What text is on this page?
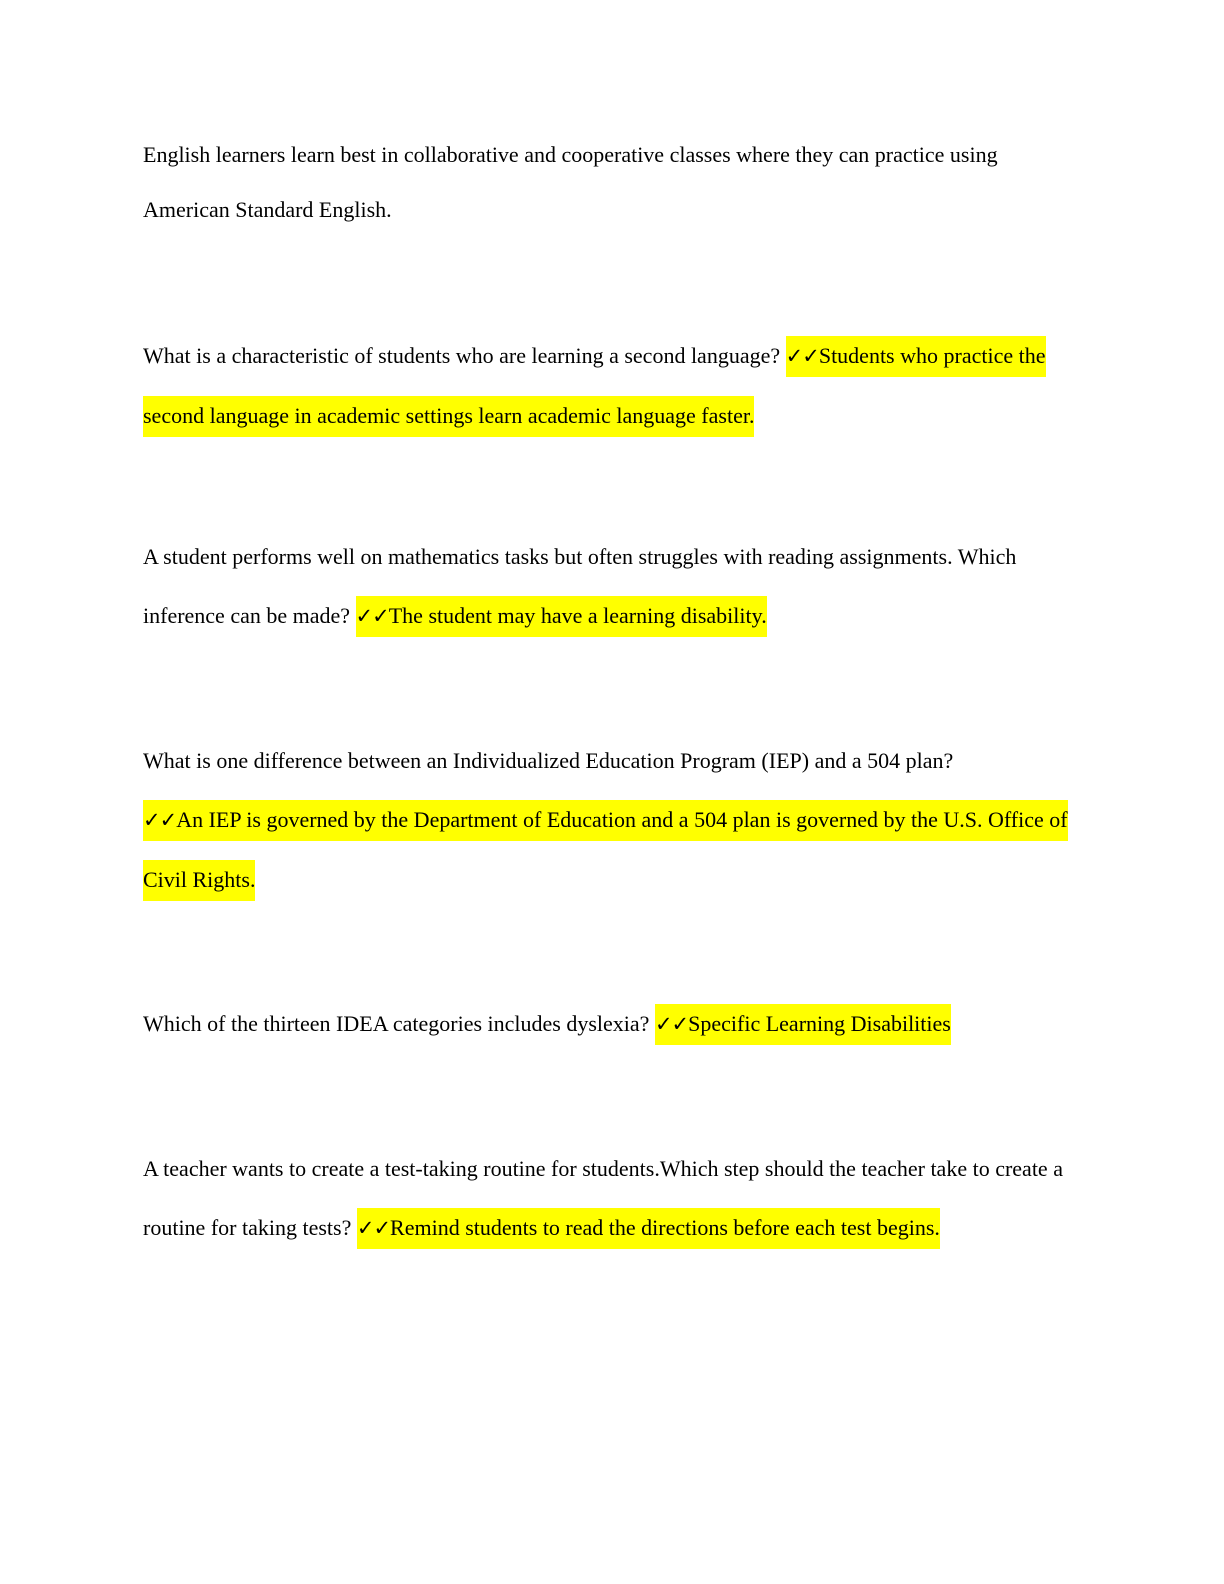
English learners learn best in collaborative and cooperative classes where they can practice using American Standard English.

What is a characteristic of students who are learning a second language? ✓✓Students who practice the second language in academic settings learn academic language faster.

A student performs well on mathematics tasks but often struggles with reading assignments. Which inference can be made? ✓✓The student may have a learning disability.

What is one difference between an Individualized Education Program (IEP) and a 504 plan?
✓✓An IEP is governed by the Department of Education and a 504 plan is governed by the U.S. Office of Civil Rights.

Which of the thirteen IDEA categories includes dyslexia? ✓✓Specific Learning Disabilities

A teacher wants to create a test-taking routine for students.Which step should the teacher take to create a routine for taking tests? ✓✓Remind students to read the directions before each test begins.
